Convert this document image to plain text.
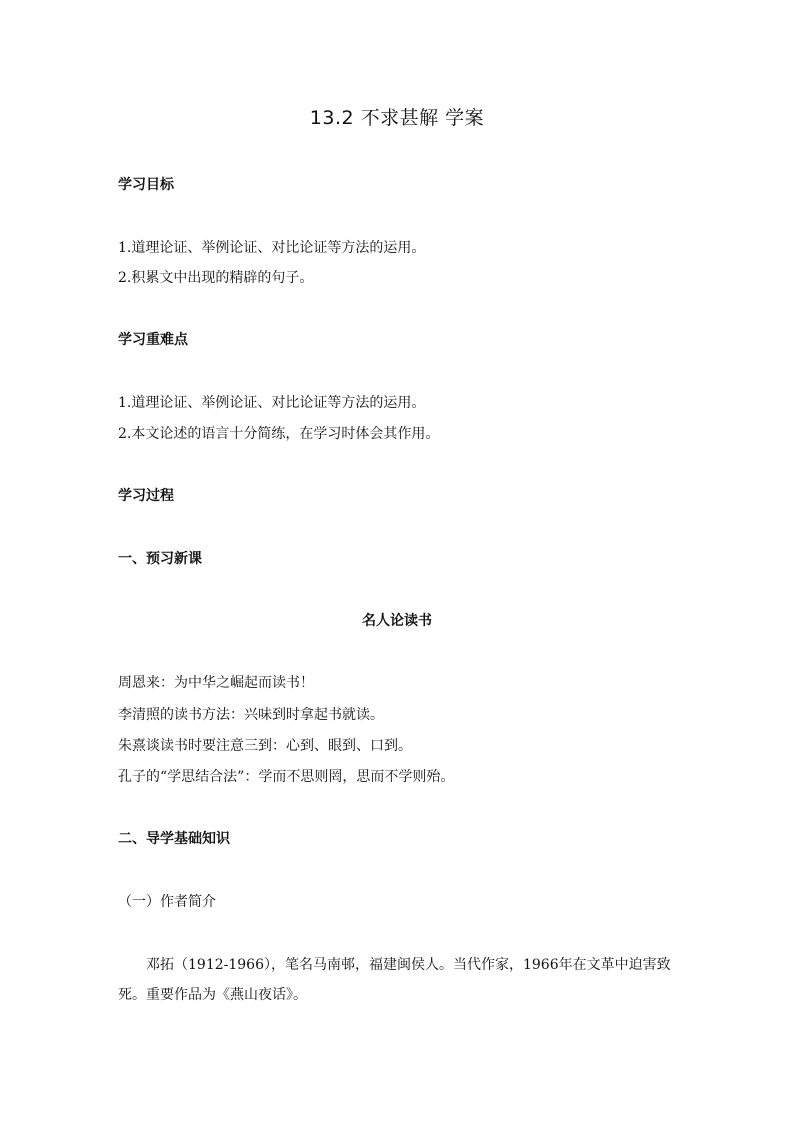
13.2 不求甚解 学案
学习目标
1.道理论证、举例论证、对比论证等方法的运用。
2.积累文中出现的精辟的句子。
学习重难点
1.道理论证、举例论证、对比论证等方法的运用。
2.本文论述的语言十分简练，在学习时体会其作用。
学习过程
一、预习新课
名人论读书
周恩来：为中华之崛起而读书！
李清照的读书方法：兴味到时拿起书就读。
朱熹谈读书时要注意三到：心到、眼到、口到。
孔子的“学思结合法”：学而不思则罔，思而不学则殆。
二、导学基础知识
（一）作者简介
邓拓（1912-1966），笔名马南邨，福建闽侯人。当代作家，1966年在文革中迫害致死。重要作品为《燕山夜话》。
